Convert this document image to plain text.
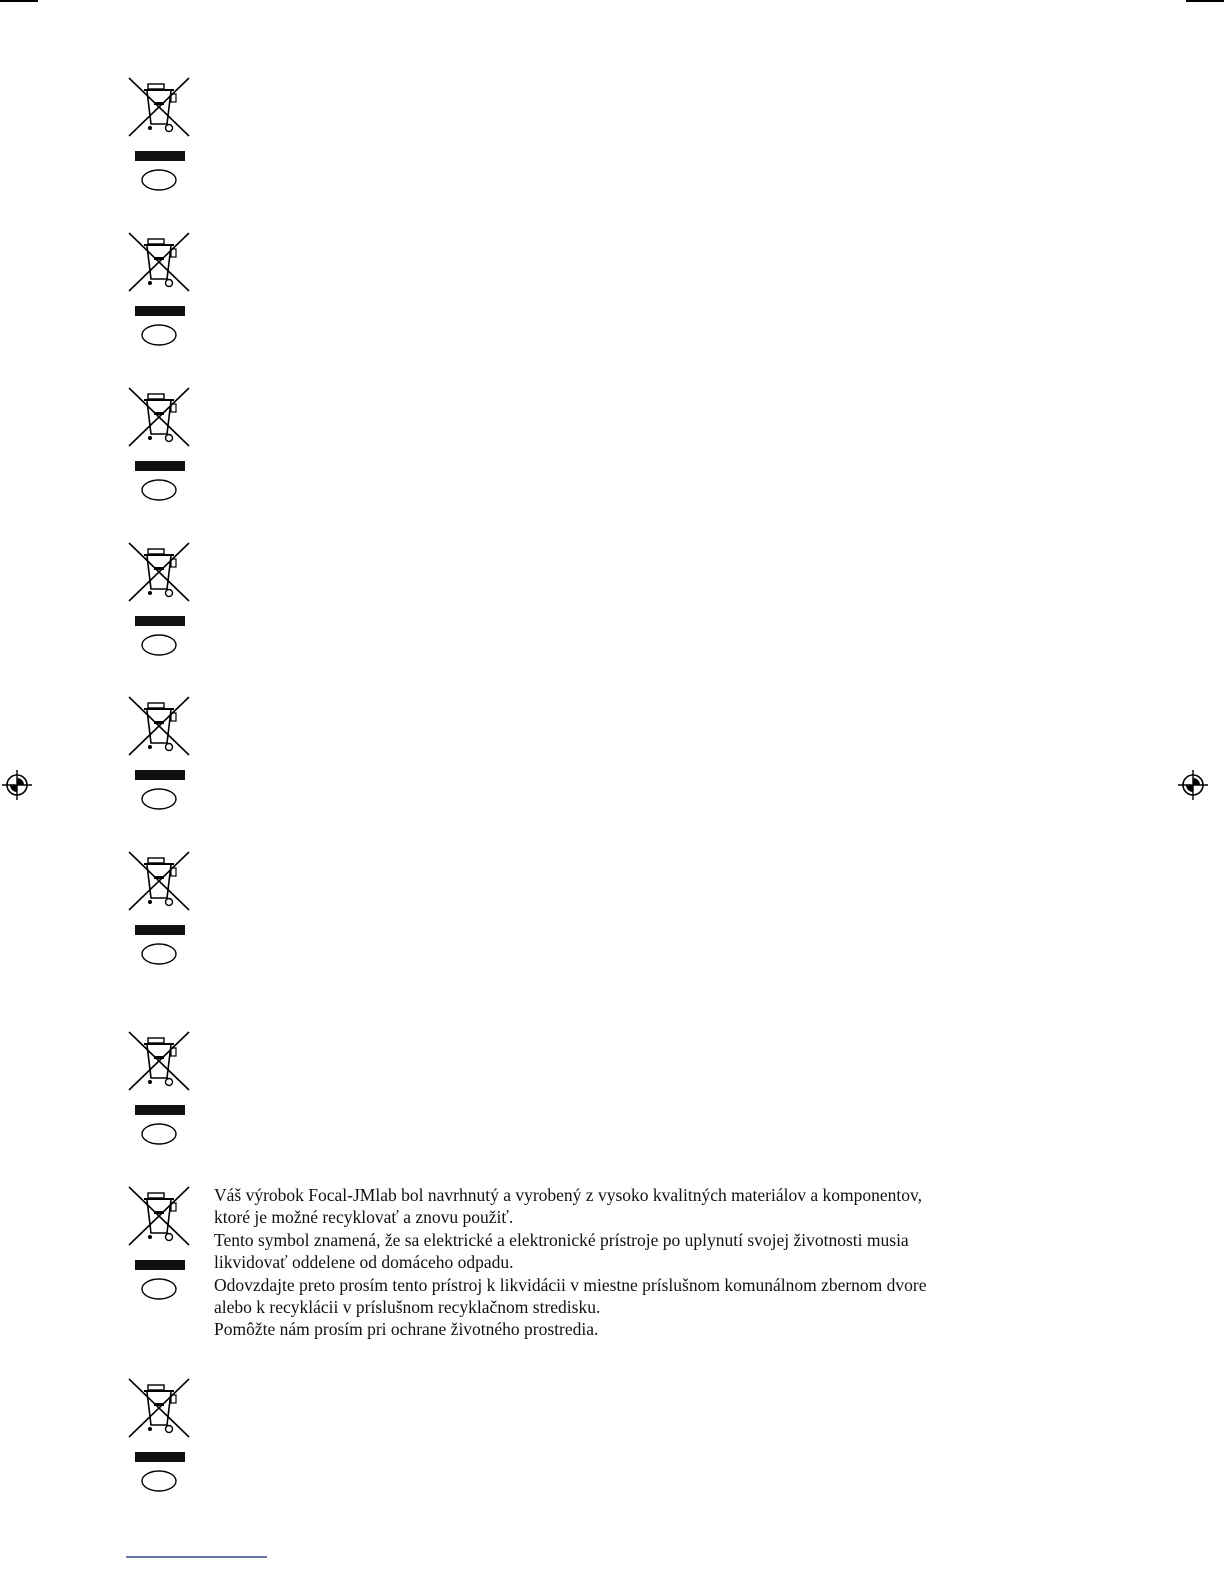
Váš výrobok Focal-JMlab bol navrhnutý a vyrobený z vysoko kvalitných materiálov a komponentov,

ktoré je možné recyklovať a znovu použiť.

Tento symbol znamená, že sa elektrické a elektronické prístroje po uplynutí svojej životnosti musia

likvidovať oddelene od domáceho odpadu.

Odovzdajte preto prosím tento prístroj k likvidácii v miestne príslušnom komunálnom zbernom dvore

alebo k recyklácii v príslušnom recyklačnom stredisku.

Pomôžte nám prosím pri ochrane životného prostredia.
